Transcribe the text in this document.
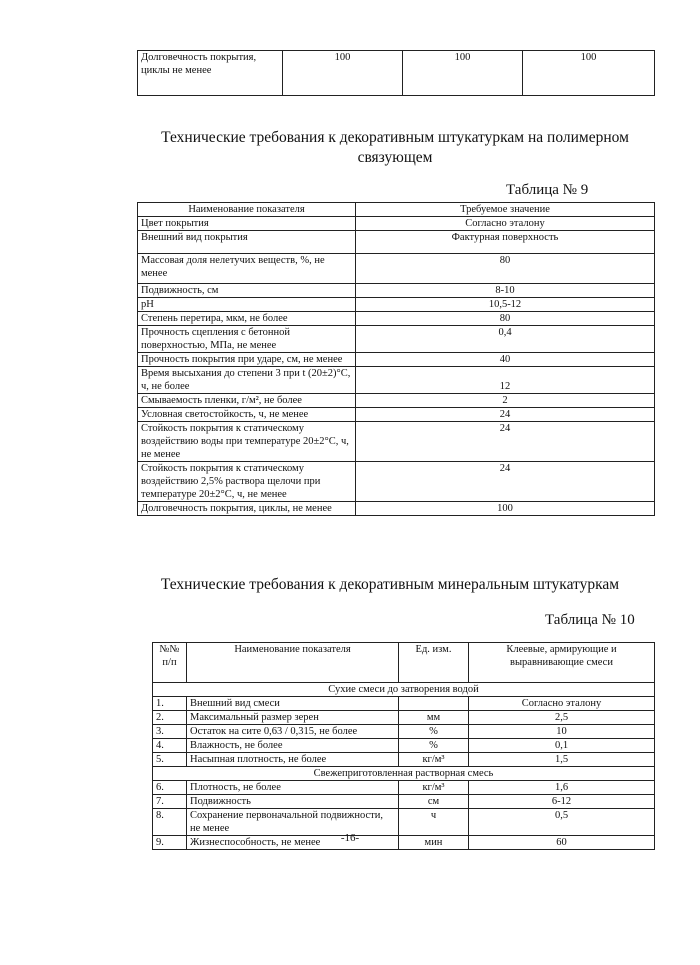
Долговечность покрытия, циклы не менее	100	100	100
Технические требования к декоративным штукатуркам на полимерном связующем
Таблица № 9
Наименование показателя	Требуемое значение
Цвет покрытия	Согласно эталону
Внешний вид покрытия	Фактурная поверхность
Массовая доля нелетучих веществ, %, не менее	80
Подвижность, см	8-10
pH	10,5-12
Степень перетира, мкм, не более	80
Прочность сцепления с бетонной поверхностью, МПа, не менее	0,4
Прочность покрытия при ударе, см, не менее	40
Время высыхания до степени 3 при t (20±2)°С, ч, не более	12
Смываемость пленки, г/м², не более	2
Условная светостойкость, ч, не менее	24
Стойкость покрытия к статическому воздействию воды при температуре 20±2°С, ч, не менее	24
Стойкость покрытия к статическому воздействию 2,5% раствора щелочи при температуре 20±2°С, ч, не менее	24
Долговечность покрытия, циклы, не менее	100
Технические требования к декоративным минеральным штукатуркам
Таблица № 10
№№ п/п	Наименование показателя	Ед. изм.	Клеевые, армирующие и выравнивающие смеси
Сухие смеси до затворения водой			
1.	Внешний вид смеси		Согласно эталону
2.	Максимальный размер зерен	мм	2,5
3.	Остаток на сите 0,63 / 0,315, не более	%	10
4.	Влажность, не более	%	0,1
5.	Насыпная плотность, не более	кг/м³	1,5
Свежеприготовленная растворная смесь			
6.	Плотность, не более	кг/м³	1,6
7.	Подвижность	см	6-12
8.	Сохранение первоначальной подвижности, не менее	ч	0,5
9.	Жизнеспособность, не менее	мин	60
-16-
